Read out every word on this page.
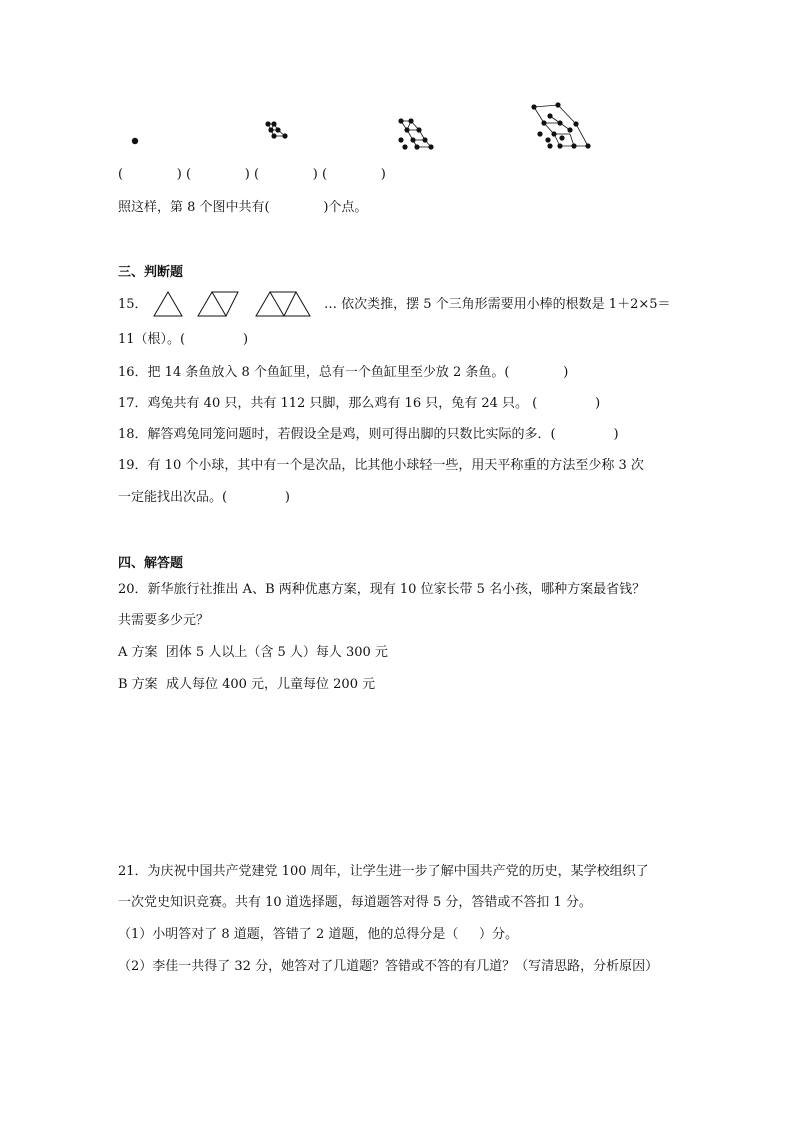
(             ) (             ) (             ) (             )
照这样，第 8 个图中共有(             )个点。
三、判断题
15．	… 依次类推，摆 5 个三角形需要用小棒的根数是 1＋2×5＝
11（根）。(              )
16．把 14 条鱼放入 8 个鱼缸里，总有一个鱼缸里至少放 2 条鱼。(             )
17．鸡兔共有 40 只，共有 112 只脚，那么鸡有 16 只，兔有 24 只。 (              )
18．解答鸡兔同笼问题时，若假设全是鸡，则可得出脚的只数比实际的多．(              )
19．有 10 个小球，其中有一个是次品，比其他小球轻一些，用天平称重的方法至少称 3 次
一定能找出次品。(              )
四、解答题
20．新华旅行社推出 A、B 两种优惠方案，现有 10 位家长带 5 名小孩，哪种方案最省钱？
共需要多少元？
A 方案  团体 5 人以上（含 5 人）每人 300 元
B 方案  成人每位 400 元，儿童每位 200 元
21．为庆祝中国共产党建党 100 周年，让学生进一步了解中国共产党的历史，某学校组织了
一次党史知识竞赛。共有 10 道选择题，每道题答对得 5 分，答错或不答扣 1 分。
（1）小明答对了 8 道题，答错了 2 道题，他的总得分是（     ）分。
（2）李佳一共得了 32 分，她答对了几道题？答错或不答的有几道？（写清思路，分析原因）
